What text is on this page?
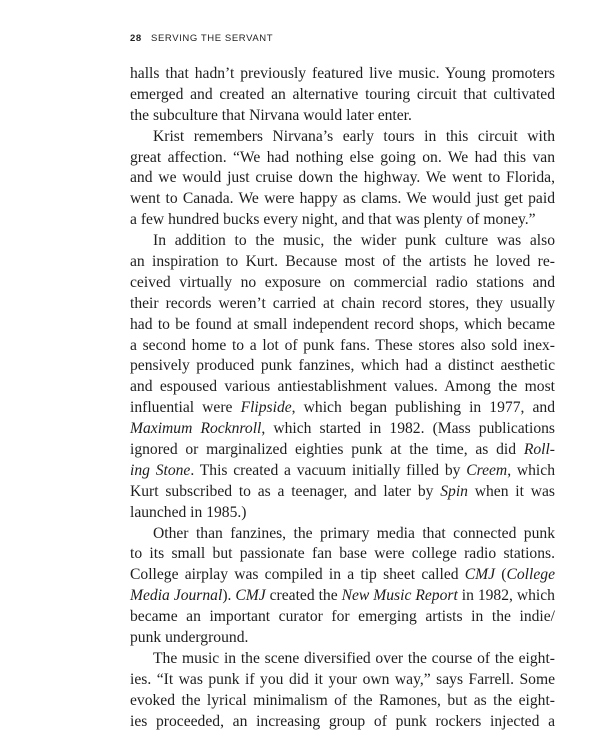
28 SERVING THE SERVANT
halls that hadn’t previously featured live music. Young promoters
emerged and created an alternative touring circuit that cultivated
the subculture that Nirvana would later enter.
Krist remembers Nirvana’s early tours in this circuit with
great affection. “We had nothing else going on. We had this van
and we would just cruise down the highway. We went to Florida,
went to Canada. We were happy as clams. We would just get paid
a few hundred bucks every night, and that was plenty of money.”
In addition to the music, the wider punk culture was also
an inspiration to Kurt. Because most of the artists he loved re-
ceived virtually no exposure on commercial radio stations and
their records weren’t carried at chain record stores, they usually
had to be found at small independent record shops, which became
a second home to a lot of punk fans. These stores also sold inex-
pensively produced punk fanzines, which had a distinct aesthetic
and espoused various antiestablishment values. Among the most
influential were Flipside, which began publishing in 1977, and
Maximum Rocknroll, which started in 1982. (Mass publications
ignored or marginalized eighties punk at the time, as did Roll-
ing Stone. This created a vacuum initially filled by Creem, which
Kurt subscribed to as a teenager, and later by Spin when it was
launched in 1985.)
Other than fanzines, the primary media that connected punk
to its small but passionate fan base were college radio stations.
College airplay was compiled in a tip sheet called CMJ (College
Media Journal). CMJ created the New Music Report in 1982, which
became an important curator for emerging artists in the indie/
punk underground.
The music in the scene diversified over the course of the eight-
ies. “It was punk if you did it your own way,” says Farrell. Some
evoked the lyrical minimalism of the Ramones, but as the eight-
ies proceeded, an increasing group of punk rockers injected a
